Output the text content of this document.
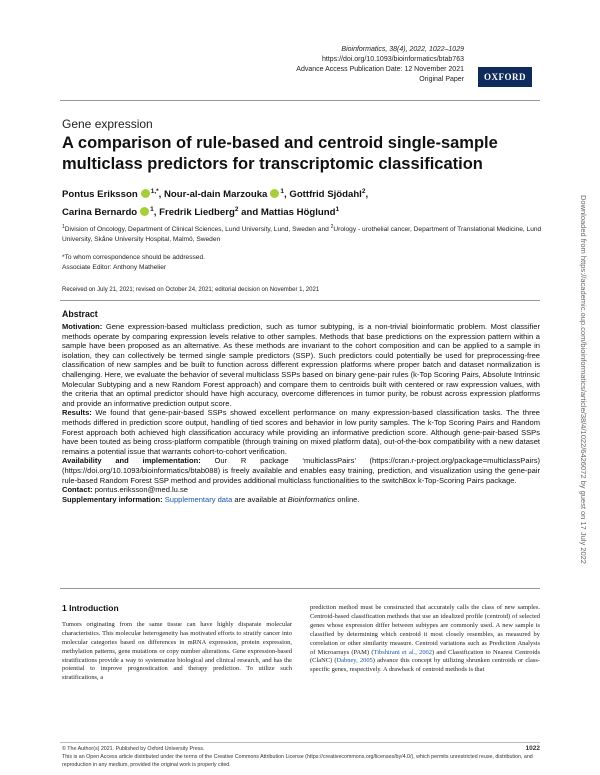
Bioinformatics, 38(4), 2022, 1022–1029
https://doi.org/10.1093/bioinformatics/btab763
Advance Access Publication Date: 12 November 2021
Original Paper	OXFORD
Gene expression
A comparison of rule-based and centroid single-sample multiclass predictors for transcriptomic classification
Pontus Eriksson $^{1,*}$, Nour-al-dain Marzouka $^1$, Gottfrid Sjödahl$^2$,
Carina Bernardo $^1$, Fredrik Liedberg$^2$ and Mattias Höglund$^1$
$^1$Division of Oncology, Department of Clinical Sciences, Lund University, Lund, Sweden and $^2$Urology - urothelial cancer, Department of Translational Medicine, Lund University, Skåne University Hospital, Malmö, Sweden
*To whom correspondence should be addressed.
Associate Editor: Anthony Mathelier
Received on July 21, 2021; revised on October 24, 2021; editorial decision on November 1, 2021
Abstract

Motivation: Gene expression-based multiclass prediction, such as tumor subtyping, is a non-trivial bioinformatic problem. Most classifier methods operate by comparing expression levels relative to other samples. Methods that base predictions on the expression pattern within a sample have been proposed as an alternative. As these methods are invariant to the cohort composition and can be applied to a sample in isolation, they can collectively be termed single sample predictors (SSP). Such predictors could potentially be used for preprocessing-free classification of new samples and be built to function across different expression platforms where proper batch and dataset normalization is challenging. Here, we evaluate the behavior of several multiclass SSPs based on binary gene-pair rules (k-Top Scoring Pairs, Absolute Intrinsic Molecular Subtyping and a new Random Forest approach) and compare them to centroids built with centered or raw expression values, with the criteria that an optimal predictor should have high accuracy, overcome differences in tumor purity, be robust across expression platforms and provide an informative prediction output score.

Results: We found that gene-pair-based SSPs showed excellent performance on many expression-based classification tasks. The three methods differed in prediction score output, handling of tied scores and behavior in low purity samples. The k-Top Scoring Pairs and Random Forest approach both achieved high classification accuracy while providing an informative prediction score. Although gene-pair-based SSPs have been touted as being cross-platform compatible (through training on mixed platform data), out-of-the-box compatibility with a new dataset remains a potential issue that warrants cohort-to-cohort verification.

Availability and implementation: Our R package ‘multiclassPairs’ (https://cran.r-project.org/package=multiclassPairs) (https://doi.org/10.1093/bioinformatics/btab088) is freely available and enables easy training, prediction, and visualization using the gene-pair rule-based Random Forest SSP method and provides additional multiclass functionalities to the switchBox k-Top-Scoring Pairs package.

Contact: pontus.eriksson@med.lu.se

Supplementary information: Supplementary data are available at Bioinformatics online.

1 Introduction

Tumors originating from the same tissue can have highly disparate molecular characteristics. This molecular heterogeneity has motivated efforts to stratify cancer into molecular categories based on differences in mRNA expression, protein expression, methylation patterns, gene mutations or copy number alterations. Gene expression-based stratifications provide a way to systematize biological and clinical research, and has the potential to improve prognostication and therapy prediction. To utilize such stratifications, a

prediction method must be constructed that accurately calls the class of new samples. Centroid-based classification methods that use an idealized profile (centroid) of selected genes whose expression differ between subtypes are commonly used. A new sample is classified by determining which centroid it most closely resembles, as measured by correlation or other similarity measure. Centroid variations such as Prediction Analysis of Microarrays (PAM) (Tibshirani et al., 2002) and Classification to Nearest Centroids (ClaNC) (Dabney, 2005) advance this concept by utilizing shrunken centroids or class-specific genes, respectively. A drawback of centroid methods is that

© The Author(s) 2021. Published by Oxford University Press.	1022
This is an Open Access article distributed under the terms of the Creative Commons Attribution License (https://creativecommons.org/licenses/by/4.0/), which permits unrestricted reuse, distribution, and reproduction in any medium, provided the original work is properly cited.
Downloaded from https://academic.oup.com/bioinformatics/article/38/4/1022/6426072 by guest on 17 July 2022
